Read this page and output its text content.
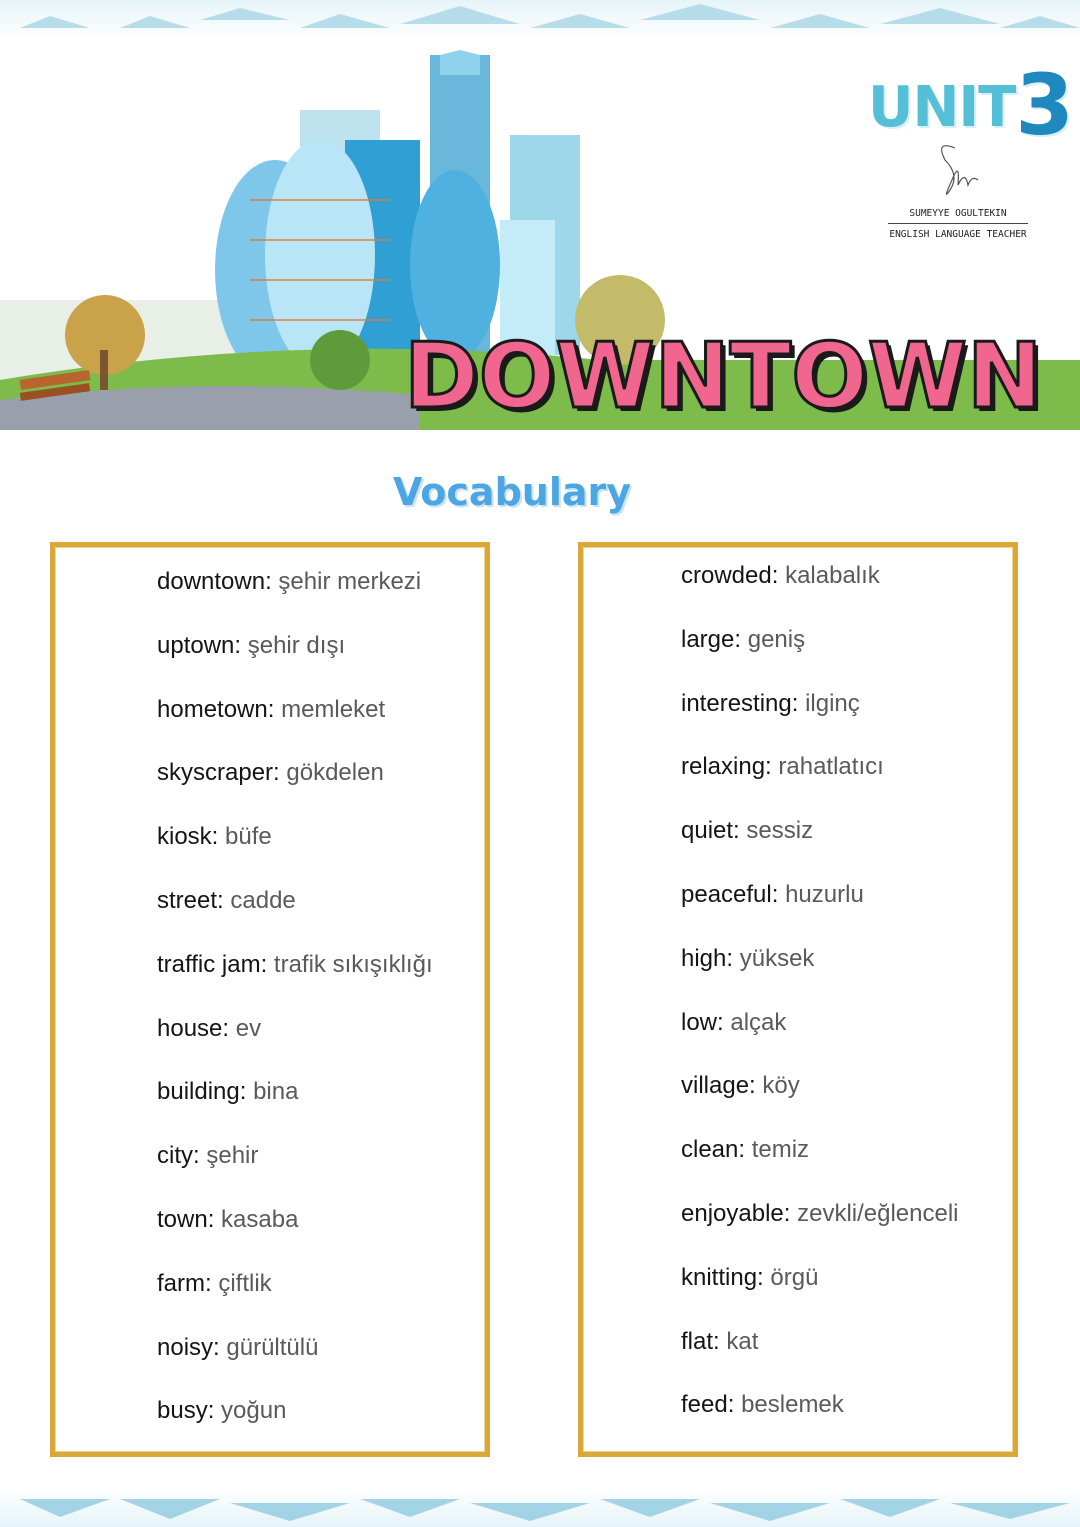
UNIT3
SUMEYYE OGULTEKIN
ENGLISH LANGUAGE TEACHER
DOWNTOWN
Vocabulary
downtown: şehir merkezi
uptown: şehir dışı
hometown: memleket
skyscraper: gökdelen
kiosk: büfe
street: cadde
traffic jam: trafik sıkışıklığı
house: ev
building: bina
city: şehir
town: kasaba
farm: çiftlik
noisy: gürültülü
busy: yoğun
crowded: kalabalık
large: geniş
interesting: ilginç
relaxing: rahatlatıcı
quiet: sessiz
peaceful: huzurlu
high: yüksek
low: alçak
village: köy
clean: temiz
enjoyable: zevkli/eğlenceli
knitting: örgü
flat: kat
feed: beslemek
